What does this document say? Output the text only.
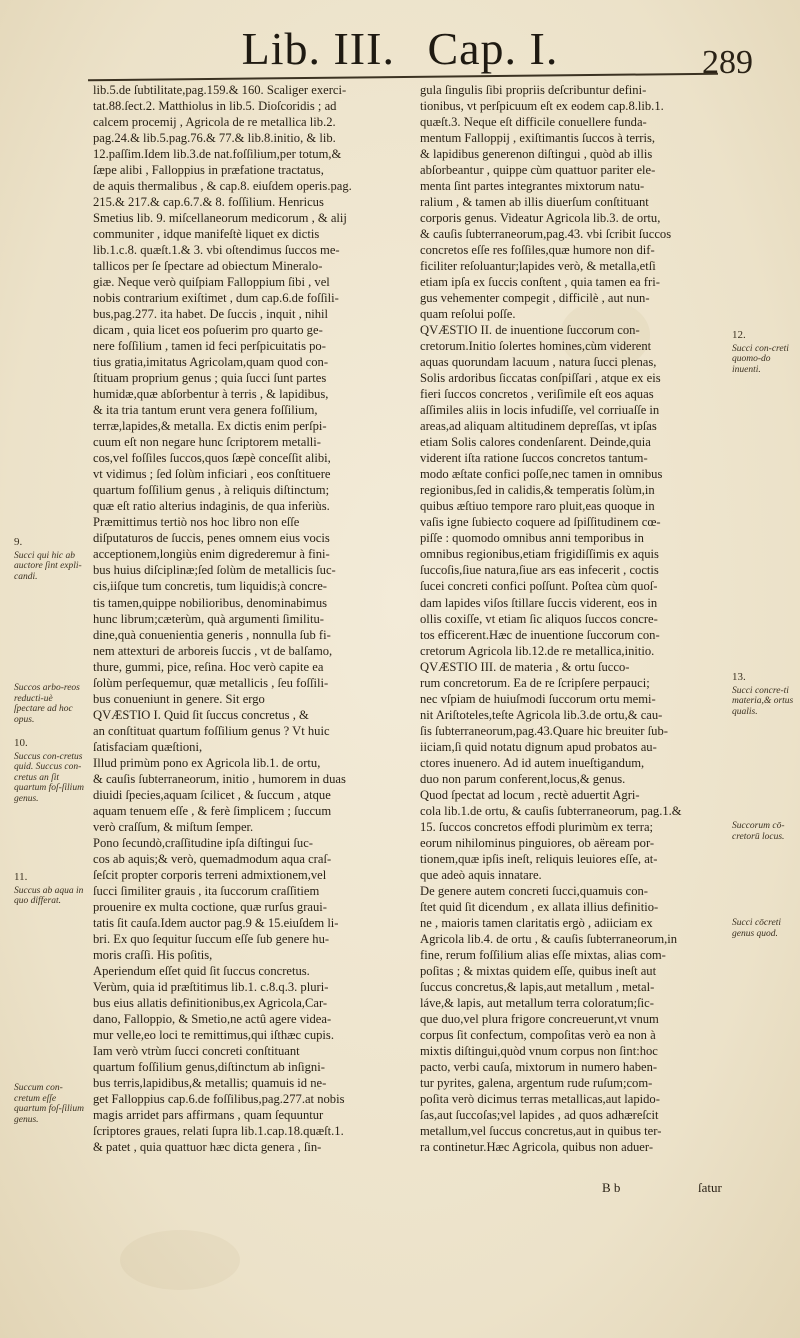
Lib. III. Cap. I.	289
lib.5.de ſubtilitate,pag.159.& 160. Scaliger exerci-
tat.88.ſect.2. Matthiolus in lib.5. Dioſcoridis ; ad
calcem procemij , Agricola de re metallica lib.2.
pag.24.& lib.5.pag.76.& 77.& lib.8.initio, & lib.
12.paſſim.Idem lib.3.de nat.foſſilium,per totum,&
ſæpe alibi , Falloppius in præfatione tractatus,
de aquis thermalibus , & cap.8. eiuſdem operis.pag.
215.& 217.& cap.6.7.& 8. foſſilium. Henricus
Smetius lib. 9. miſcellaneorum medicorum , & alij
communiter , idque manifeſtè liquet ex dictis
lib.1.c.8. quæſt.1.& 3. vbi oſtendimus ſuccos me-
tallicos per ſe ſpectare ad obiectum Mineralo-
giæ. Neque verò quiſpiam Falloppium ſibi , vel
nobis contrarium exiſtimet , dum cap.6.de foſſili-
bus,pag.277. ita habet. De ſuccis , inquit , nihil
dicam , quia licet eos poſuerim pro quarto ge-
nere foſſilium , tamen id feci perſpicuitatis po-
tius gratia,imitatus Agricolam,quam quod con-
ſtituam proprium genus ; quia ſucci ſunt partes
humidæ,quæ abſorbentur à terris , & lapidibus,
& ita tria tantum erunt vera genera foſſilium,
terræ,lapides,& metalla. Ex dictis enim perſpi-
cuum eſt non negare hunc ſcriptorem metalli-
cos,vel foſſiles ſuccos,quos ſæpè conceſſit alibi,
vt vidimus ; ſed ſolùm inficiari , eos conſtituere
quartum foſſilium genus , à reliquis diſtinctum;
quæ eſt ratio alterius indaginis, de qua inferiùs.
Præmittimus tertiò nos hoc libro non eſſe
diſputaturos de ſuccis, penes omnem eius vocis
acceptionem,longiùs enim digrederemur à fini-
bus huius diſciplinæ;ſed ſolùm de metallicis ſuc-
cis,iiſque tum concretis, tum liquidis;à concre-
tis tamen,quippe nobilioribus, denominabimus
hunc librum;cæterùm, quà argumenti ſimilitu-
dine,quà conuenientia generis , nonnulla ſub fi-
nem attexturi de arboreis ſuccis , vt de balſamo,
thure, gummi, pice, reſina. Hoc verò capite ea
ſolùm perſequemur, quæ metallicis , ſeu foſſili-
bus conueniunt in genere. Sit ergo
QVÆSTIO I. Quid ſit ſuccus concretus , &
an conſtituat quartum foſſilium genus ? Vt huic
ſatisfaciam quæſtioni,
Illud primùm pono ex Agricola lib.1. de ortu,
& cauſis ſubterraneorum, initio , humorem in duas
diuidi ſpecies,aquam ſcilicet , & ſuccum , atque
aquam tenuem eſſe , & ferè ſimplicem ; ſuccum
verò craſſum, & miſtum ſemper.
Pono ſecundò,craſſitudine ipſa diſtingui ſuc-
cos ab aquis;& verò, quemadmodum aqua craſ-
ſeſcit propter corporis terreni admixtionem,vel
ſucci ſimiliter grauis , ita ſuccorum craſſitiem
prouenire ex multa coctione, quæ rurſus graui-
tatis ſit cauſa.Idem auctor pag.9 & 15.eiuſdem li-
bri. Ex quo ſequitur ſuccum eſſe ſub genere hu-
moris craſſi. His poſitis,
Aperiendum eſſet quid ſit ſuccus concretus.
Verùm, quia id præſtitimus lib.1. c.8.q.3. pluri-
bus eius allatis definitionibus,ex Agricola,Car-
dano, Falloppio, & Smetio,ne actû agere videa-
mur velle,eo loci te remittimus,qui iſthæc cupis.
Iam verò vtrùm ſucci concreti conſtituant
quartum foſſilium genus,diſtinctum ab inſigni-
bus terris,lapidibus,& metallis; quamuis id ne-
get Falloppius cap.6.de foſſilibus,pag.277.at nobis
magis arridet pars affirmans , quam ſequuntur
ſcriptores graues, relati ſupra lib.1.cap.18.quæſt.1.
& patet , quia quattuor hæc dicta genera , ſin-
gula ſingulis ſibi propriis deſcribuntur defini-
tionibus, vt perſpicuum eſt ex eodem cap.8.lib.1.
quæſt.3. Neque eſt difficile conuellere funda-
mentum Falloppij , exiſtimantis ſuccos à terris,
& lapidibus generenon diſtingui , quòd ab illis
abſorbeantur , quippe cùm quattuor pariter ele-
menta ſint partes integrantes mixtorum natu-
ralium , & tamen ab illis diuerſum conſtituant
corporis genus. Videatur Agricola lib.3. de ortu,
& cauſis ſubterraneorum,pag.43. vbi ſcribit ſuccos
concretos eſſe res foſſiles,quæ humore non dif-
ficiliter reſoluantur;lapides verò, & metalla,etſi
etiam ipſa ex ſuccis conſtent , quia tamen ea fri-
gus vehementer compegit , difficilè , aut nun-
quam reſolui poſſe.
QVÆSTIO II. de inuentione ſuccorum con-
cretorum.Initio ſolertes homines,cùm viderent
aquas quorundam lacuum , natura ſucci plenas,
Solis ardoribus ſiccatas conſpiſſari , atque ex eis
fieri ſuccos concretos , veriſimile eſt eos aquas
aſſimiles aliis in locis infudiſſe, vel corriuaſſe in
areas,ad aliquam altitudinem depreſſas, vt ipſas
etiam Solis calores condenſarent. Deinde,quia
viderent iſta ratione ſuccos concretos tantum-
modo æſtate confici poſſe,nec tamen in omnibus
regionibus,ſed in calidis,& temperatis ſolùm,in
quibus æſtiuo tempore raro pluit,eas quoque in
vaſis igne ſubiecto coquere ad ſpiſſitudinem cœ-
piſſe : quomodo omnibus anni temporibus in
omnibus regionibus,etiam frigidiſſimis ex aquis
ſuccoſis,ſiue natura,ſiue ars eas infecerit , coctis
ſucei concreti confici poſſunt. Poſtea cùm quoſ-
dam lapides viſos ſtillare ſuccis viderent, eos in
ollis coxiſſe, vt etiam ſic aliquos ſuccos concre-
tos efficerent.Hæc de inuentione ſuccorum con-
cretorum Agricola lib.12.de re metallica,initio.
QVÆSTIO III. de materia , & ortu ſucco-
rum concretorum. Ea de re ſcripſere perpauci;
nec vſpiam de huiuſmodi ſuccorum ortu memi-
nit Ariſtoteles,teſte Agricola lib.3.de ortu,& cau-
ſis ſubterraneorum,pag.43.Quare hic breuiter ſub-
iiciam,ſi quid notatu dignum apud probatos au-
ctores inuenero. Ad id autem inueſtigandum,
duo non parum conferent,locus,& genus.
Quod ſpectat ad locum , rectè aduertit Agri-
cola lib.1.de ortu, & cauſis ſubterraneorum, pag.1.&
15. ſuccos concretos effodi plurimùm ex terra;
eorum nihilominus pinguiores, ob aëream por-
tionem,quæ ipſis ineſt, reliquis leuiores eſſe, at-
que adeò aquis innatare.
De genere autem concreti ſucci,quamuis con-
ſtet quid ſit dicendum , ex allata illius definitio-
ne , maioris tamen claritatis ergò , adiiciam ex
Agricola lib.4. de ortu , & cauſis ſubterraneorum,in
fine, rerum foſſilium alias eſſe mixtas, alias com-
poſitas ; & mixtas quidem eſſe, quibus ineſt aut
ſuccus concretus,& lapis,aut metallum , metal-
láve,& lapis, aut metallum terra coloratum;ſic-
que duo,vel plura frigore concreuerunt,vt vnum
corpus ſit confectum, compoſitas verò ea non à
mixtis diſtingui,quòd vnum corpus non ſint:hoc
pacto, verbi cauſa, mixtorum in numero haben-
tur pyrites, galena, argentum rude ruſum;com-
poſita verò dicimus terras metallicas,aut lapido-
ſas,aut ſuccoſas;vel lapides , ad quos adhæreſcit
metallum,vel ſuccus concretus,aut in quibus ter-
ra continetur.Hæc Agricola, quibus non aduer-
9.
Succi qui hic ab auctore ſint expli-candi.
Succos arbo-reos reducti-uè ſpectare ad hoc opus.
10.
Succus con-cretus quid. Succus con-cretus an ſit quartum foſ-ſilium genus.
11.
Succus ab aqua in quo differat.
Succum con-cretum eſſe quartum foſ-ſilium genus.
12.
Succi con-creti quomo-do inuenti.
13.
Succi concre-ti materia,& ortus qualis.
Succorum cō-cretorū locus.
Succi cōcreti genus quod.
B b	ſatur
